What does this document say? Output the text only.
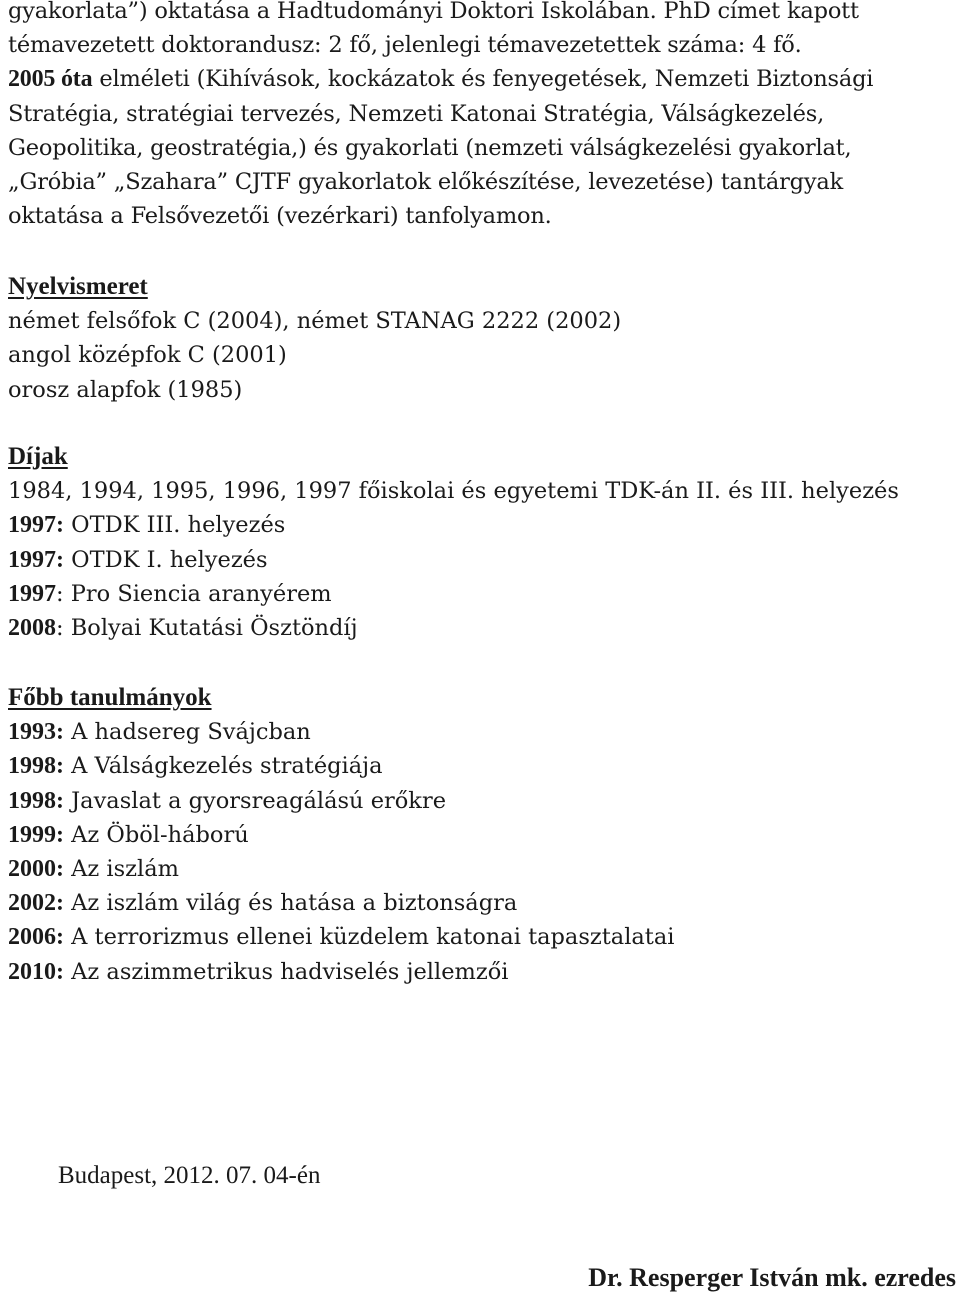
gyakorlata”) oktatása a Hadtudományi Doktori Iskolában. PhD címet kapott
témavezetett doktorandusz: 2 fő, jelenlegi témavezetettek száma: 4 fő.
2005 óta elméleti (Kihívások, kockázatok és fenyegetések, Nemzeti Biztonsági
Stratégia, stratégiai tervezés, Nemzeti Katonai Stratégia, Válságkezelés,
Geopolitika, geostratégia,) és gyakorlati (nemzeti válságkezelési gyakorlat,
„Gróbia” „Szahara” CJTF gyakorlatok előkészítése, levezetése) tantárgyak
oktatása a Felsővezetői (vezérkari) tanfolyamon.
Nyelvismeret
német felsőfok C (2004), német STANAG 2222 (2002)
angol középfok C (2001)
orosz alapfok (1985)
Díjak
1984, 1994, 1995, 1996, 1997 főiskolai és egyetemi TDK-án II. és III. helyezés
1997: OTDK III. helyezés
1997: OTDK I. helyezés
1997: Pro Siencia aranyérem
2008: Bolyai Kutatási Ösztöndíj
Főbb tanulmányok
1993: A hadsereg Svájcban
1998: A Válságkezelés stratégiája
1998: Javaslat a gyorsreagálású erőkre
1999: Az Öböl-háború
2000: Az iszlám
2002: Az iszlám világ és hatása a biztonságra
2006: A terrorizmus ellenei küzdelem katonai tapasztalatai
2010: Az aszimmetrikus hadviselés jellemzői
Budapest, 2012. 07. 04-én
Dr. Resperger István mk. ezredes
